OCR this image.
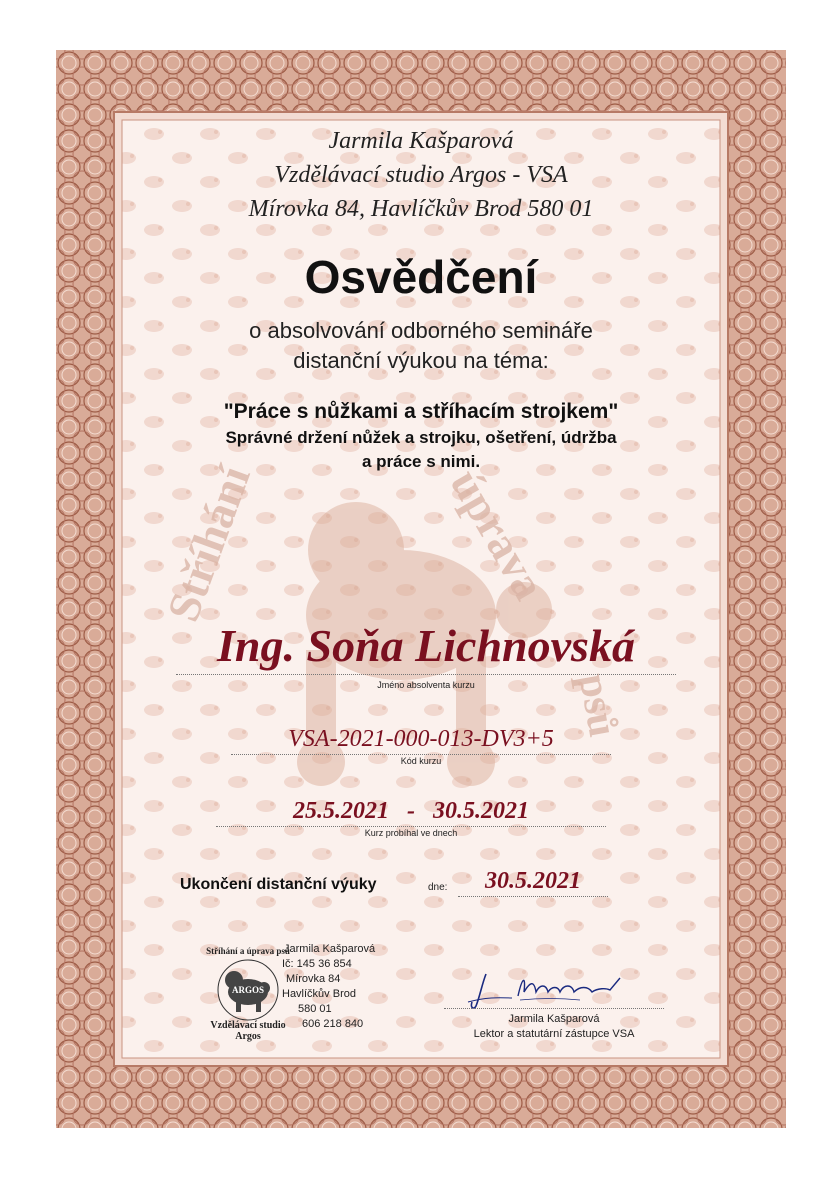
Stříhání	úprava
psů
Jarmila Kašparová
Vzdělávací studio Argos - VSA
Mírovka 84, Havlíčkův Brod 580 01
Osvědčení
o absolvování odborného semináře
distanční výukou na téma:
"Práce s nůžkami a stříhacím strojkem"
Správné držení nůžek a strojku, ošetření, údržba
a práce s nimi.
Ing. Soňa Lichnovská
Jméno absolventa kurzu
VSA-2021-000-013-DV3+5
Kód kurzu
25.5.2021 - 30.5.2021
Kurz probíhal ve dnech
Ukončení distanční výuky	dne:	30.5.2021
ARGOS
Stříhání a úprava psů
Vzdělávací studio
Argos
Jarmila Kašparová
Ič: 145 36 854
Mírovka 84
Havlíčkův Brod
580 01
606 218 840	Jarmila Kašparová
Lektor a statutární zástupce VSA
